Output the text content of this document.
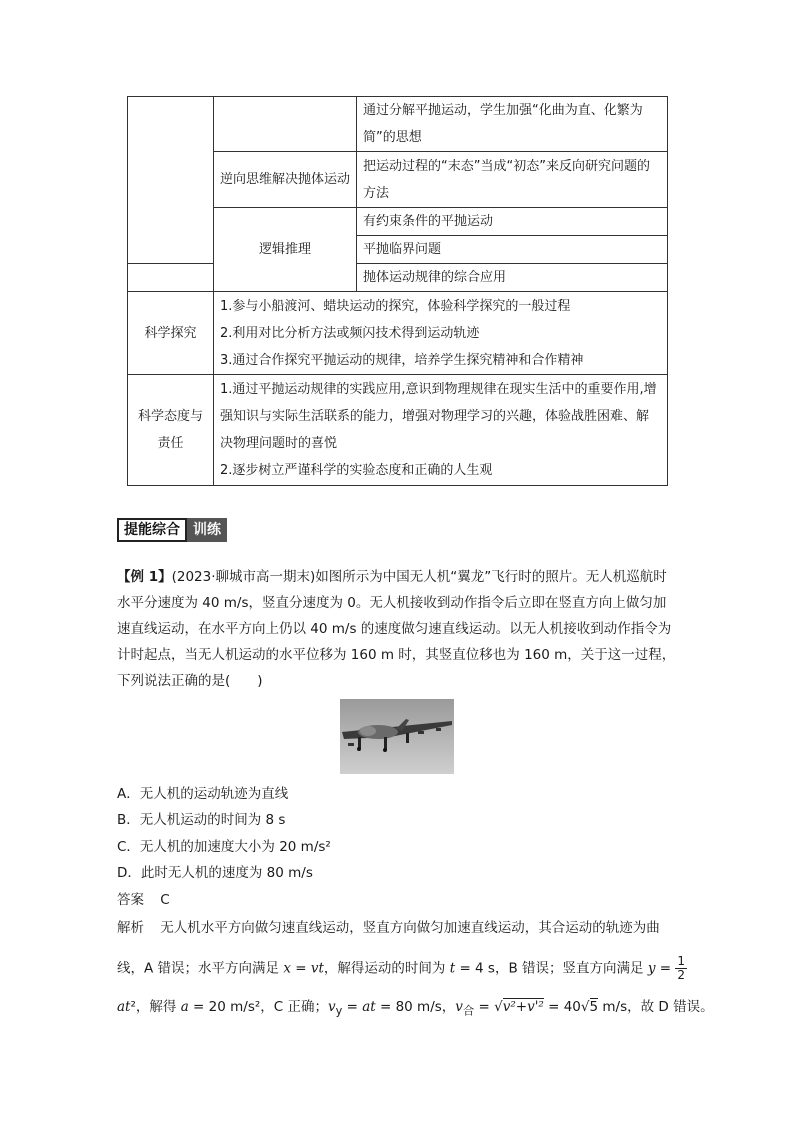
		通过分解平抛运动，学生加强“化曲为直、化繁为简”的思想
	逆向思维解决抛体运动	把运动过程的“末态”当成“初态”来反向研究问题的方法
	逻辑推理	有约束条件的平抛运动
		平抛临界问题
		抛体运动规律的综合应用
科学探究	1.参与小船渡河、蜡块运动的探究，体验科学探究的一般过程
2.利用对比分析方法或频闪技术得到运动轨迹
3.通过合作探究平抛运动的规律，培养学生探究精神和合作精神	

科学态度与责任	1.通过平抛运动规律的实践应用,意识到物理规律在现实生活中的重要作用,增强知识与实际生活联系的能力，增强对物理学习的兴趣，体验战胜困难、解决物理问题时的喜悦
2.逐步树立严谨科学的实验态度和正确的人生观	
提能综合 训练
【例 1】(2023·聊城市高一期末)如图所示为中国无人机“翼龙”飞行时的照片。无人机巡航时水平分速度为 40 m/s，竖直分速度为 0。无人机接收到动作指令后立即在竖直方向上做匀加速直线运动，在水平方向上仍以 40 m/s 的速度做匀速直线运动。以无人机接收到动作指令为计时起点，当无人机运动的水平位移为 160 m 时，其竖直位移也为 160 m，关于这一过程，下列说法正确的是(　　)
A．无人机的运动轨迹为直线
B．无人机运动的时间为 8 s
C．无人机的加速度大小为 20 m/s²
D．此时无人机的速度为 80 m/s
答案 C
解析 无人机水平方向做匀速直线运动，竖直方向做匀加速直线运动，其合运动的轨迹为曲
线，A 错误；水平方向满足 x = vt，解得运动的时间为 t = 4 s，B 错误；竖直方向满足 $y = \frac{1}{2}$
at²，解得 a = 20 m/s²，C 正确；$v_y$ = at = 80 m/s，$v_合 = √v^2+v'^2 = 40√5$ m/s，故 D 错误。
